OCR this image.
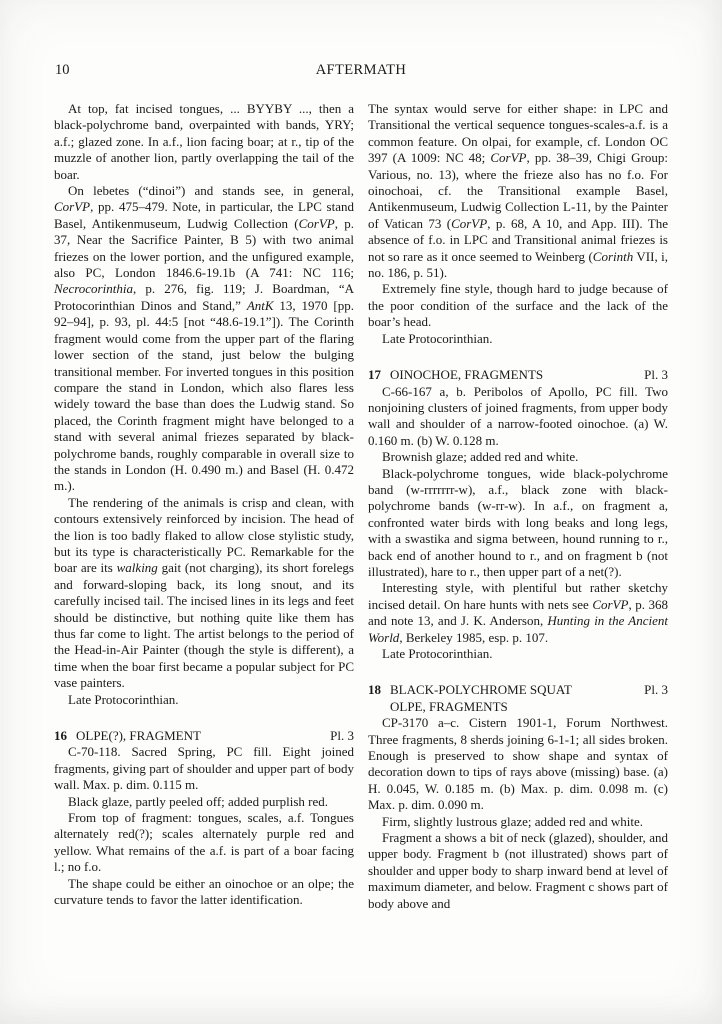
10	AFTERMATH

At top, fat incised tongues, ... BYYBY ..., then a black-polychrome band, overpainted with bands, YRY; a.f.; glazed zone. In a.f., lion facing boar; at r., tip of the muzzle of another lion, partly overlapping the tail of the boar.

On lebetes (“dinoi”) and stands see, in general, CorVP, pp. 475–479. Note, in particular, the LPC stand Basel, Antikenmuseum, Ludwig Collection (CorVP, p. 37, Near the Sacrifice Painter, B 5) with two animal friezes on the lower portion, and the unfigured example, also PC, London 1846.6-19.1b (A 741: NC 116; Necrocorinthia, p. 276, fig. 119; J. Boardman, “A Protocorinthian Dinos and Stand,” AntK 13, 1970 [pp. 92–94], p. 93, pl. 44:5 [not “48.6-19.1”]). The Corinth fragment would come from the upper part of the flaring lower section of the stand, just below the bulging transitional member. For inverted tongues in this position compare the stand in London, which also flares less widely toward the base than does the Ludwig stand. So placed, the Corinth fragment might have belonged to a stand with several animal friezes separated by black-polychrome bands, roughly comparable in overall size to the stands in London (H. 0.490 m.) and Basel (H. 0.472 m.).

The rendering of the animals is crisp and clean, with contours extensively reinforced by incision. The head of the lion is too badly flaked to allow close stylistic study, but its type is characteristically PC. Remarkable for the boar are its walking gait (not charging), its short forelegs and forward-sloping back, its long snout, and its carefully incised tail. The incised lines in its legs and feet should be distinctive, but nothing quite like them has thus far come to light. The artist belongs to the period of the Head-in-Air Painter (though the style is different), a time when the boar first became a popular subject for PC vase painters.

Late Protocorinthian.

16 OLPE(?), FRAGMENT	Pl. 3

C-70-118. Sacred Spring, PC fill. Eight joined fragments, giving part of shoulder and upper part of body wall. Max. p. dim. 0.115 m.

Black glaze, partly peeled off; added purplish red.

From top of fragment: tongues, scales, a.f. Tongues alternately red(?); scales alternately purple red and yellow. What remains of the a.f. is part of a boar facing l.; no f.o.

The shape could be either an oinochoe or an olpe; the curvature tends to favor the latter identification.

The syntax would serve for either shape: in LPC and Transitional the vertical sequence tongues-scales-a.f. is a common feature. On olpai, for example, cf. London OC 397 (A 1009: NC 48; CorVP, pp. 38–39, Chigi Group: Various, no. 13), where the frieze also has no f.o. For oinochoai, cf. the Transitional example Basel, Antikenmuseum, Ludwig Collection L-11, by the Painter of Vatican 73 (CorVP, p. 68, A 10, and App. III). The absence of f.o. in LPC and Transitional animal friezes is not so rare as it once seemed to Weinberg (Corinth VII, i, no. 186, p. 51).

Extremely fine style, though hard to judge because of the poor condition of the surface and the lack of the boar’s head.

Late Protocorinthian.

17 OINOCHOE, FRAGMENTS	Pl. 3

C-66-167 a, b. Peribolos of Apollo, PC fill. Two nonjoining clusters of joined fragments, from upper body wall and shoulder of a narrow-footed oinochoe. (a) W. 0.160 m. (b) W. 0.128 m.

Brownish glaze; added red and white.

Black-polychrome tongues, wide black-polychrome band (w-rrrrrrr-w), a.f., black zone with black-polychrome bands (w-rr-w). In a.f., on fragment a, confronted water birds with long beaks and long legs, with a swastika and sigma between, hound running to r., back end of another hound to r., and on fragment b (not illustrated), hare to r., then upper part of a net(?).

Interesting style, with plentiful but rather sketchy incised detail. On hare hunts with nets see CorVP, p. 368 and note 13, and J. K. Anderson, Hunting in the Ancient World, Berkeley 1985, esp. p. 107.

Late Protocorinthian.

18 BLACK-POLYCHROME SQUAT
OLPE, FRAGMENTS
Pl. 3

CP-3170 a–c. Cistern 1901-1, Forum Northwest. Three fragments, 8 sherds joining 6-1-1; all sides broken. Enough is preserved to show shape and syntax of decoration down to tips of rays above (missing) base. (a) H. 0.045, W. 0.185 m. (b) Max. p. dim. 0.098 m. (c) Max. p. dim. 0.090 m.

Firm, slightly lustrous glaze; added red and white.

Fragment a shows a bit of neck (glazed), shoulder, and upper body. Fragment b (not illustrated) shows part of shoulder and upper body to sharp inward bend at level of maximum diameter, and below. Fragment c shows part of body above and
